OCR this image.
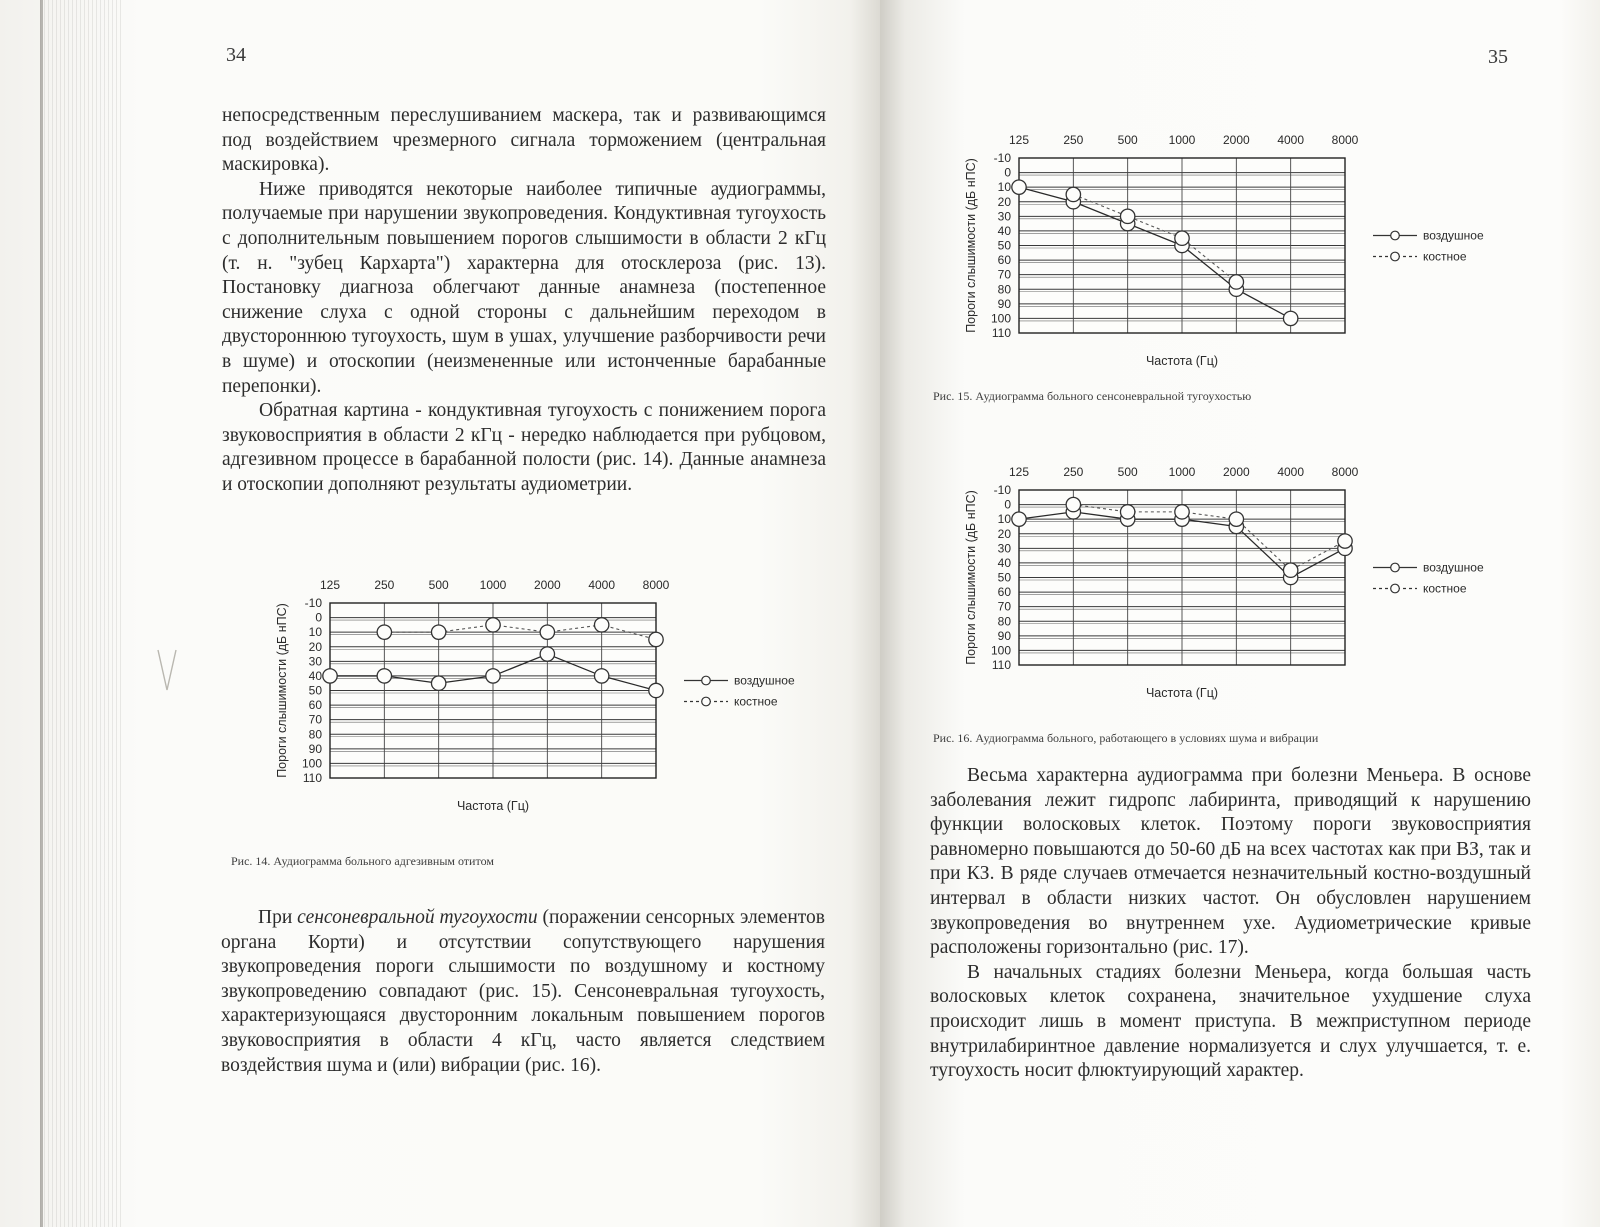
34

непосредственным переслушиванием маскера, так и развивающимся под воздействием чрезмерного сигнала торможением (центральная маскировка).

Ниже приводятся некоторые наиболее типичные аудиограммы, получаемые при нарушении звукопроведения. Кондуктивная тугоухость с дополнительным повышением порогов слышимости в области 2 кГц (т. н. "зубец Кархарта") характерна для отосклероза (рис. 13). Постановку диагноза облегчают данные анамнеза (постепенное снижение слуха с одной стороны с дальнейшим переходом в двустороннюю тугоухость, шум в ушах, улучшение разборчивости речи в шуме) и отоскопии (неизмененные или истонченные барабанные перепонки).

Обратная картина - кондуктивная тугоухость с понижением порога звуковосприятия в области 2 кГц - нередко наблюдается при рубцовом, адгезивном процессе в барабанной полости (рис. 14). Данные анамнеза и отоскопии дополняют результаты аудиометрии.

-10
0
10
20
30
40
50
60
70
80
90
100
110
125	250	500	1000 2000 4000 8000
Пороги слышимости (дБ нПС)
Частота (Гц)
воздушное
костное
Рис. 14. Аудиограмма больного адгезивным отитом

При сенсоневральной тугоухости (поражении сенсорных элементов органа Корти) и отсутствии сопутствующего нарушения звукопроведения пороги слышимости по воздушному и костному звукопроведению совпадают (рис. 15). Сенсоневральная тугоухость, характеризующаяся двусторонним локальным повышением порогов звуковосприятия в области 4 кГц, часто является следствием воздействия шума и (или) вибрации (рис. 16).

35
-10
0
10
20
30
40
50
60
70
80
90
100
110
125	250	500	1000 2000 4000 8000
Пороги слышимости (дБ нПС)
Частота (Гц)
воздушное
костное
Рис. 15. Аудиограмма больного сенсоневральной тугоухостью
-10
0
10
20
30
40
50
60
70
80
90
100
110
125	250	500	1000 2000 4000 8000
Пороги слышимости (дБ нПС)
Частота (Гц)
воздушное
костное
Рис. 16. Аудиограмма больного, работающего в условиях шума и вибрации

Весьма характерна аудиограмма при болезни Меньера. В основе заболевания лежит гидропс лабиринта, приводящий к нарушению функции волосковых клеток. Поэтому пороги звуковосприятия равномерно повышаются до 50-60 дБ на всех частотах как при ВЗ, так и при КЗ. В ряде случаев отмечается незначительный костно-воздушный интервал в области низких частот. Он обусловлен нарушением звукопроведения во внутреннем ухе. Аудиометрические кривые расположены горизонтально (рис. 17).

В начальных стадиях болезни Меньера, когда большая часть волосковых клеток сохранена, значительное ухудшение слуха происходит лишь в момент приступа. В межприступном периоде внутрилабиринтное давление нормализуется и слух улучшается, т. е. тугоухость носит флюктуирующий характер.
